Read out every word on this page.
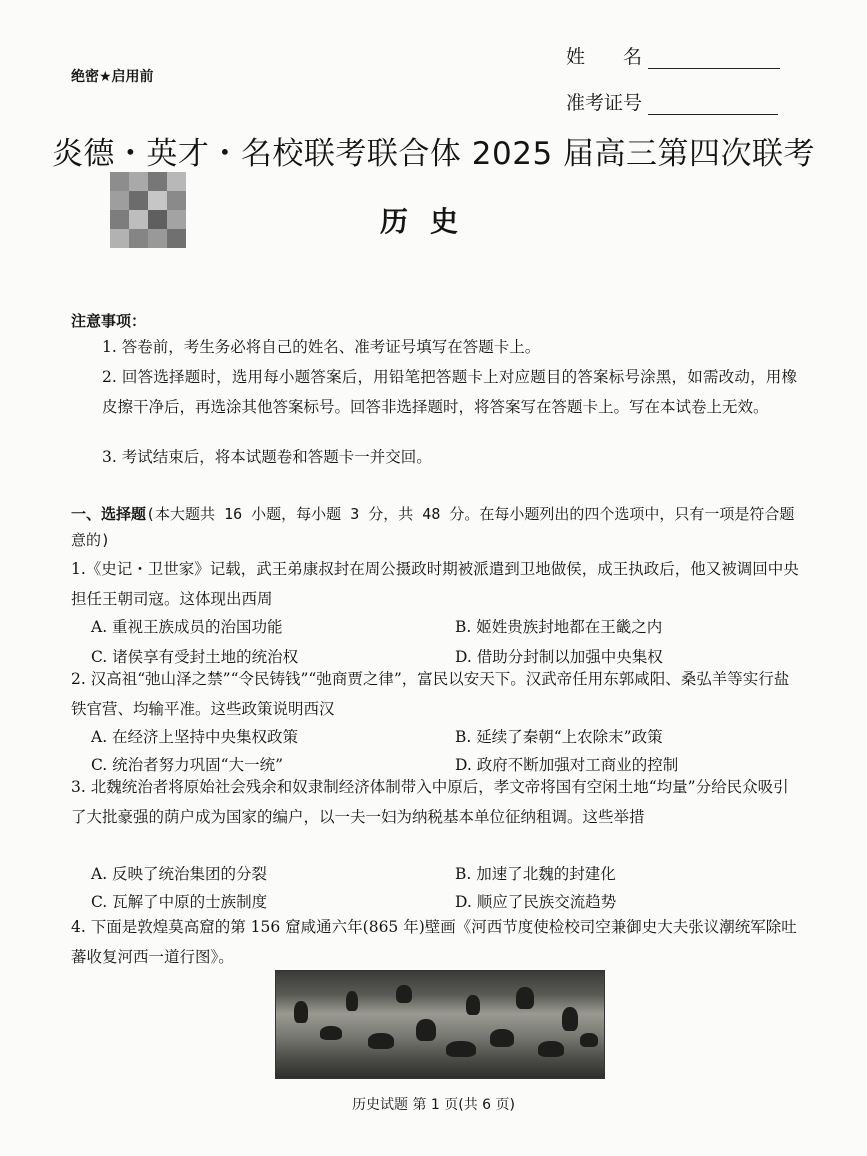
绝密★启用前
姓　　名
准考证号
炎德・英才・名校联考联合体 2025 届高三第四次联考
历史
注意事项：
1. 答卷前，考生务必将自己的姓名、准考证号填写在答题卡上。
2. 回答选择题时，选用每小题答案后，用铅笔把答题卡上对应题目的答案标号涂黑，如需改动，用橡皮擦干净后，再选涂其他答案标号。回答非选择题时，将答案写在答题卡上。写在本试卷上无效。
3. 考试结束后，将本试题卷和答题卡一并交回。
一、选择题(本大题共 16 小题，每小题 3 分，共 48 分。在每小题列出的四个选项中，只有一项是符合题意的)
1.《史记・卫世家》记载，武王弟康叔封在周公摄政时期被派遣到卫地做侯，成王执政后，他又被调回中央担任王朝司寇。这体现出西周
A. 重视王族成员的治国功能	B. 姬姓贵族封地都在王畿之内
C. 诸侯享有受封土地的统治权	D. 借助分封制以加强中央集权
2. 汉高祖“弛山泽之禁”“令民铸钱”“弛商贾之律”，富民以安天下。汉武帝任用东郭咸阳、桑弘羊等实行盐铁官营、均输平准。这些政策说明西汉
A. 在经济上坚持中央集权政策	B. 延续了秦朝“上农除末”政策
C. 统治者努力巩固“大一统”	D. 政府不断加强对工商业的控制
3. 北魏统治者将原始社会残余和奴隶制经济体制带入中原后，孝文帝将国有空闲土地“均量”分给民众吸引了大批豪强的荫户成为国家的编户，以一夫一妇为纳税基本单位征纳租调。这些举措
A. 反映了统治集团的分裂	B. 加速了北魏的封建化
C. 瓦解了中原的士族制度	D. 顺应了民族交流趋势
4. 下面是敦煌莫高窟的第 156 窟咸通六年(865 年)壁画《河西节度使检校司空兼御史大夫张议潮统军除吐蕃收复河西一道行图》。
历史试题 第 1 页(共 6 页)
